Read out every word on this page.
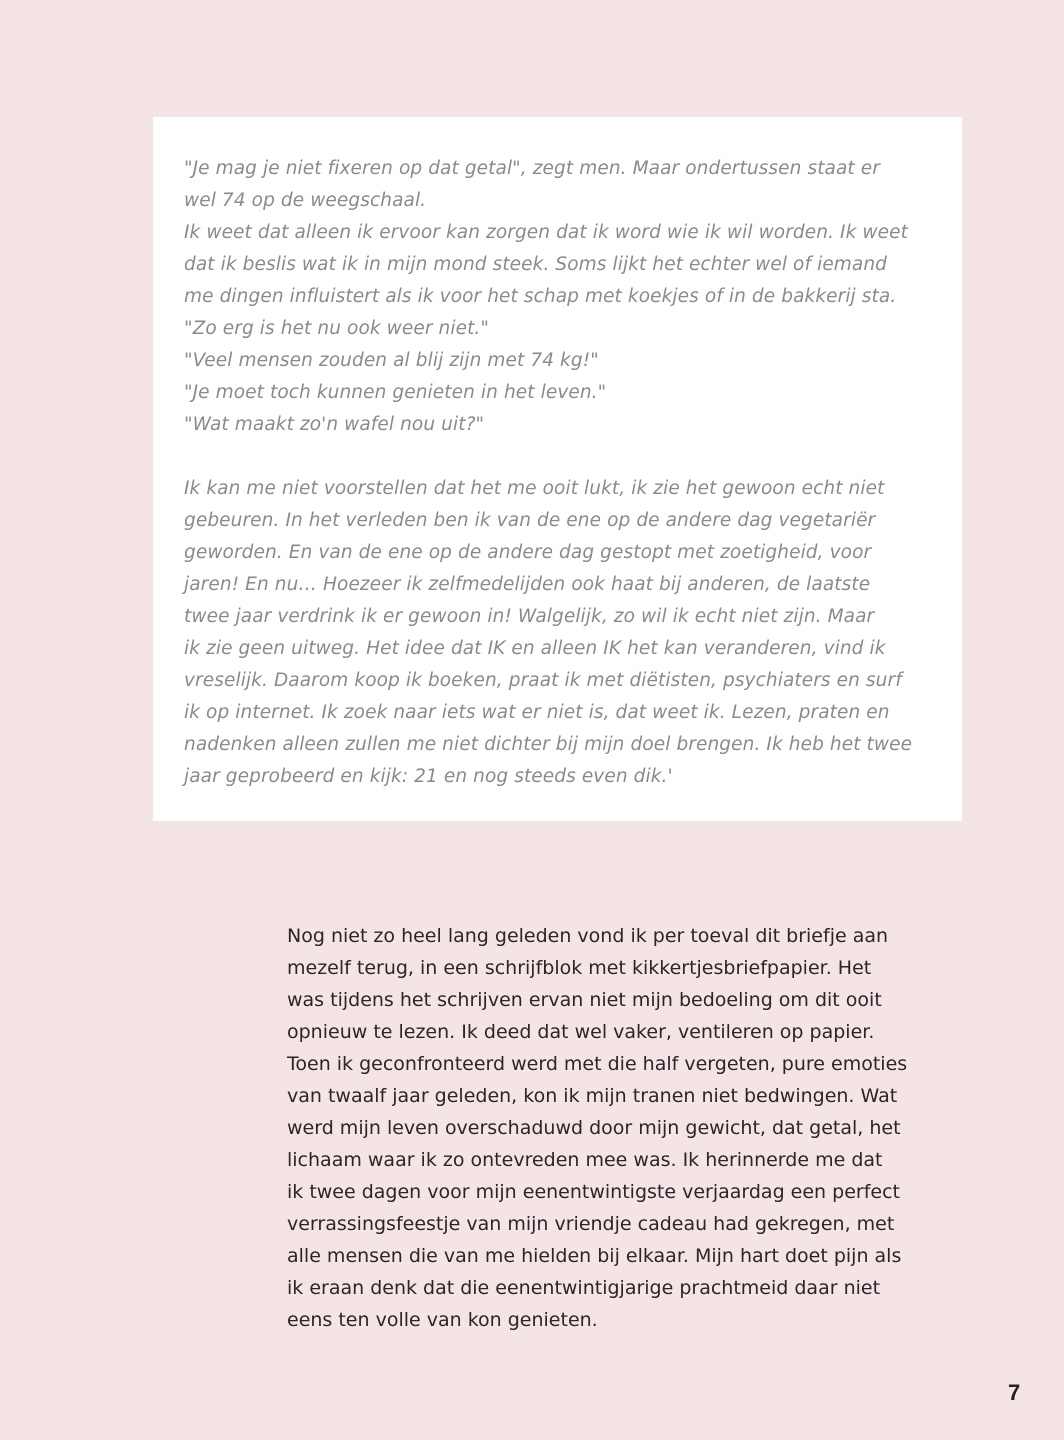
"Je mag je niet fixeren op dat getal", zegt men. Maar ondertussen staat er
wel 74 op de weegschaal.
Ik weet dat alleen ik ervoor kan zorgen dat ik word wie ik wil worden. Ik weet
dat ik beslis wat ik in mijn mond steek. Soms lijkt het echter wel of iemand
me dingen influistert als ik voor het schap met koekjes of in de bakkerij sta.
"Zo erg is het nu ook weer niet."
"Veel mensen zouden al blij zijn met 74 kg!"
"Je moet toch kunnen genieten in het leven."
"Wat maakt zo'n wafel nou uit?"

Ik kan me niet voorstellen dat het me ooit lukt, ik zie het gewoon echt niet
gebeuren. In het verleden ben ik van de ene op de andere dag vegetariër
geworden. En van de ene op de andere dag gestopt met zoetigheid, voor
jaren! En nu… Hoezeer ik zelfmedelijden ook haat bij anderen, de laatste
twee jaar verdrink ik er gewoon in! Walgelijk, zo wil ik echt niet zijn. Maar
ik zie geen uitweg. Het idee dat IK en alleen IK het kan veranderen, vind ik
vreselijk. Daarom koop ik boeken, praat ik met diëtisten, psychiaters en surf
ik op internet. Ik zoek naar iets wat er niet is, dat weet ik. Lezen, praten en
nadenken alleen zullen me niet dichter bij mijn doel brengen. Ik heb het twee
jaar geprobeerd en kijk: 21 en nog steeds even dik.'

Nog niet zo heel lang geleden vond ik per toeval dit briefje aan
mezelf terug, in een schrijfblok met kikkertjesbriefpapier. Het
was tijdens het schrijven ervan niet mijn bedoeling om dit ooit
opnieuw te lezen. Ik deed dat wel vaker, ventileren op papier.
Toen ik geconfronteerd werd met die half vergeten, pure emoties
van twaalf jaar geleden, kon ik mijn tranen niet bedwingen. Wat
werd mijn leven overschaduwd door mijn gewicht, dat getal, het
lichaam waar ik zo ontevreden mee was. Ik herinnerde me dat
ik twee dagen voor mijn eenentwintigste verjaardag een perfect
verrassingsfeestje van mijn vriendje cadeau had gekregen, met
alle mensen die van me hielden bij elkaar. Mijn hart doet pijn als
ik eraan denk dat die eenentwintigjarige prachtmeid daar niet
eens ten volle van kon genieten.

7
